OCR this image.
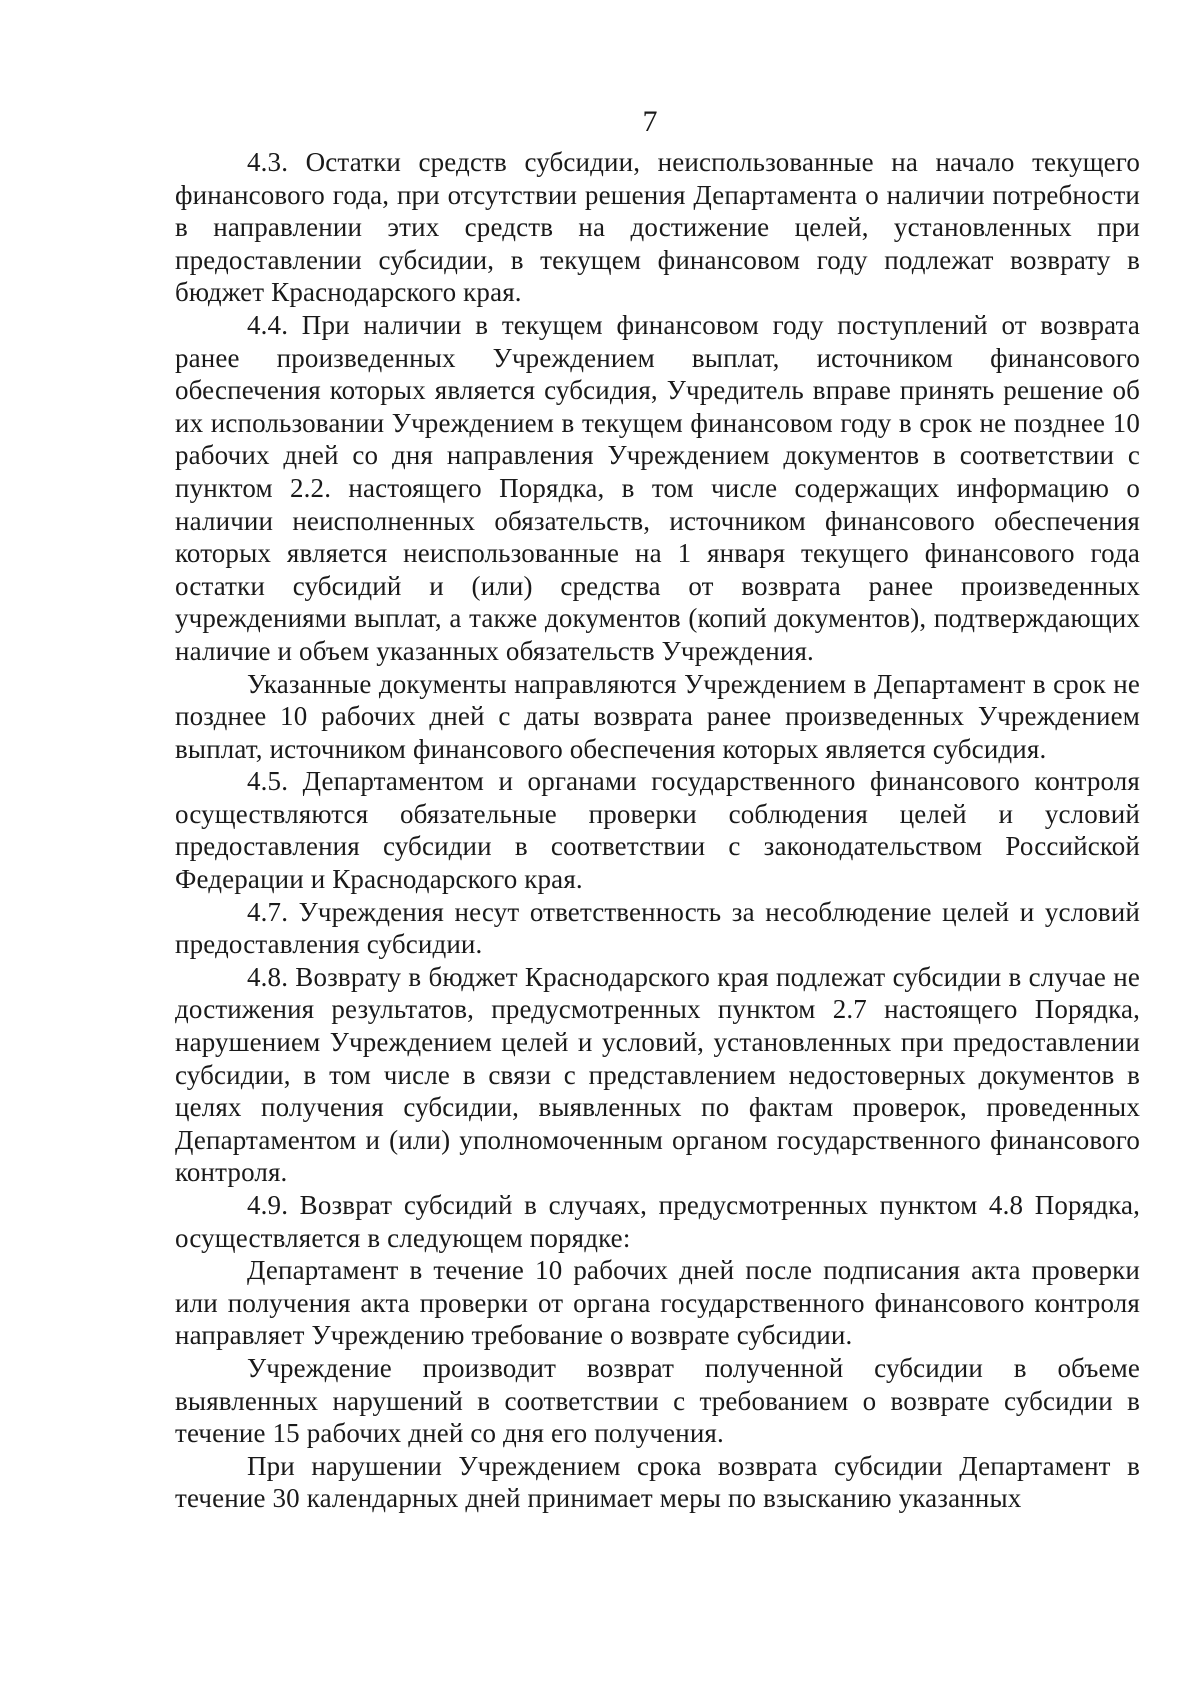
7

4.3. Остатки средств субсидии, неиспользованные на начало текущего финансового года, при отсутствии решения Департамента о наличии потребности в направлении этих средств на достижение целей, установленных при предоставлении субсидии, в текущем финансовом году подлежат возврату в бюджет Краснодарского края.

4.4. При наличии в текущем финансовом году поступлений от возврата ранее произведенных Учреждением выплат, источником финансового обеспечения которых является субсидия, Учредитель вправе принять решение об их использовании Учреждением в текущем финансовом году в срок не позднее 10 рабочих дней со дня направления Учреждением документов в соответствии с пунктом 2.2. настоящего Порядка, в том числе содержащих информацию о наличии неисполненных обязательств, источником финансового обеспечения которых является неиспользованные на 1 января текущего финансового года остатки субсидий и (или) средства от возврата ранее произведенных учреждениями выплат, а также документов (копий документов), подтверждающих наличие и объем указанных обязательств Учреждения.

Указанные документы направляются Учреждением в Департамент в срок не позднее 10 рабочих дней с даты возврата ранее произведенных Учреждением выплат, источником финансового обеспечения которых является субсидия.

4.5. Департаментом и органами государственного финансового контроля осуществляются обязательные проверки соблюдения целей и условий предоставления субсидии в соответствии с законодательством Российской Федерации и Краснодарского края.

4.7. Учреждения несут ответственность за несоблюдение целей и условий предоставления субсидии.

4.8. Возврату в бюджет Краснодарского края подлежат субсидии в случае не достижения результатов, предусмотренных пунктом 2.7 настоящего Порядка, нарушением Учреждением целей и условий, установленных при предоставлении субсидии, в том числе в связи с представлением недостоверных документов в целях получения субсидии, выявленных по фактам проверок, проведенных Департаментом и (или) уполномоченным органом государственного финансового контроля.

4.9. Возврат субсидий в случаях, предусмотренных пунктом 4.8 Порядка, осуществляется в следующем порядке:

Департамент в течение 10 рабочих дней после подписания акта проверки или получения акта проверки от органа государственного финансового контроля направляет Учреждению требование о возврате субсидии.

Учреждение производит возврат полученной субсидии в объеме выявленных нарушений в соответствии с требованием о возврате субсидии в течение 15 рабочих дней со дня его получения.

При нарушении Учреждением срока возврата субсидии Департамент в течение 30 календарных дней принимает меры по взысканию указанных
